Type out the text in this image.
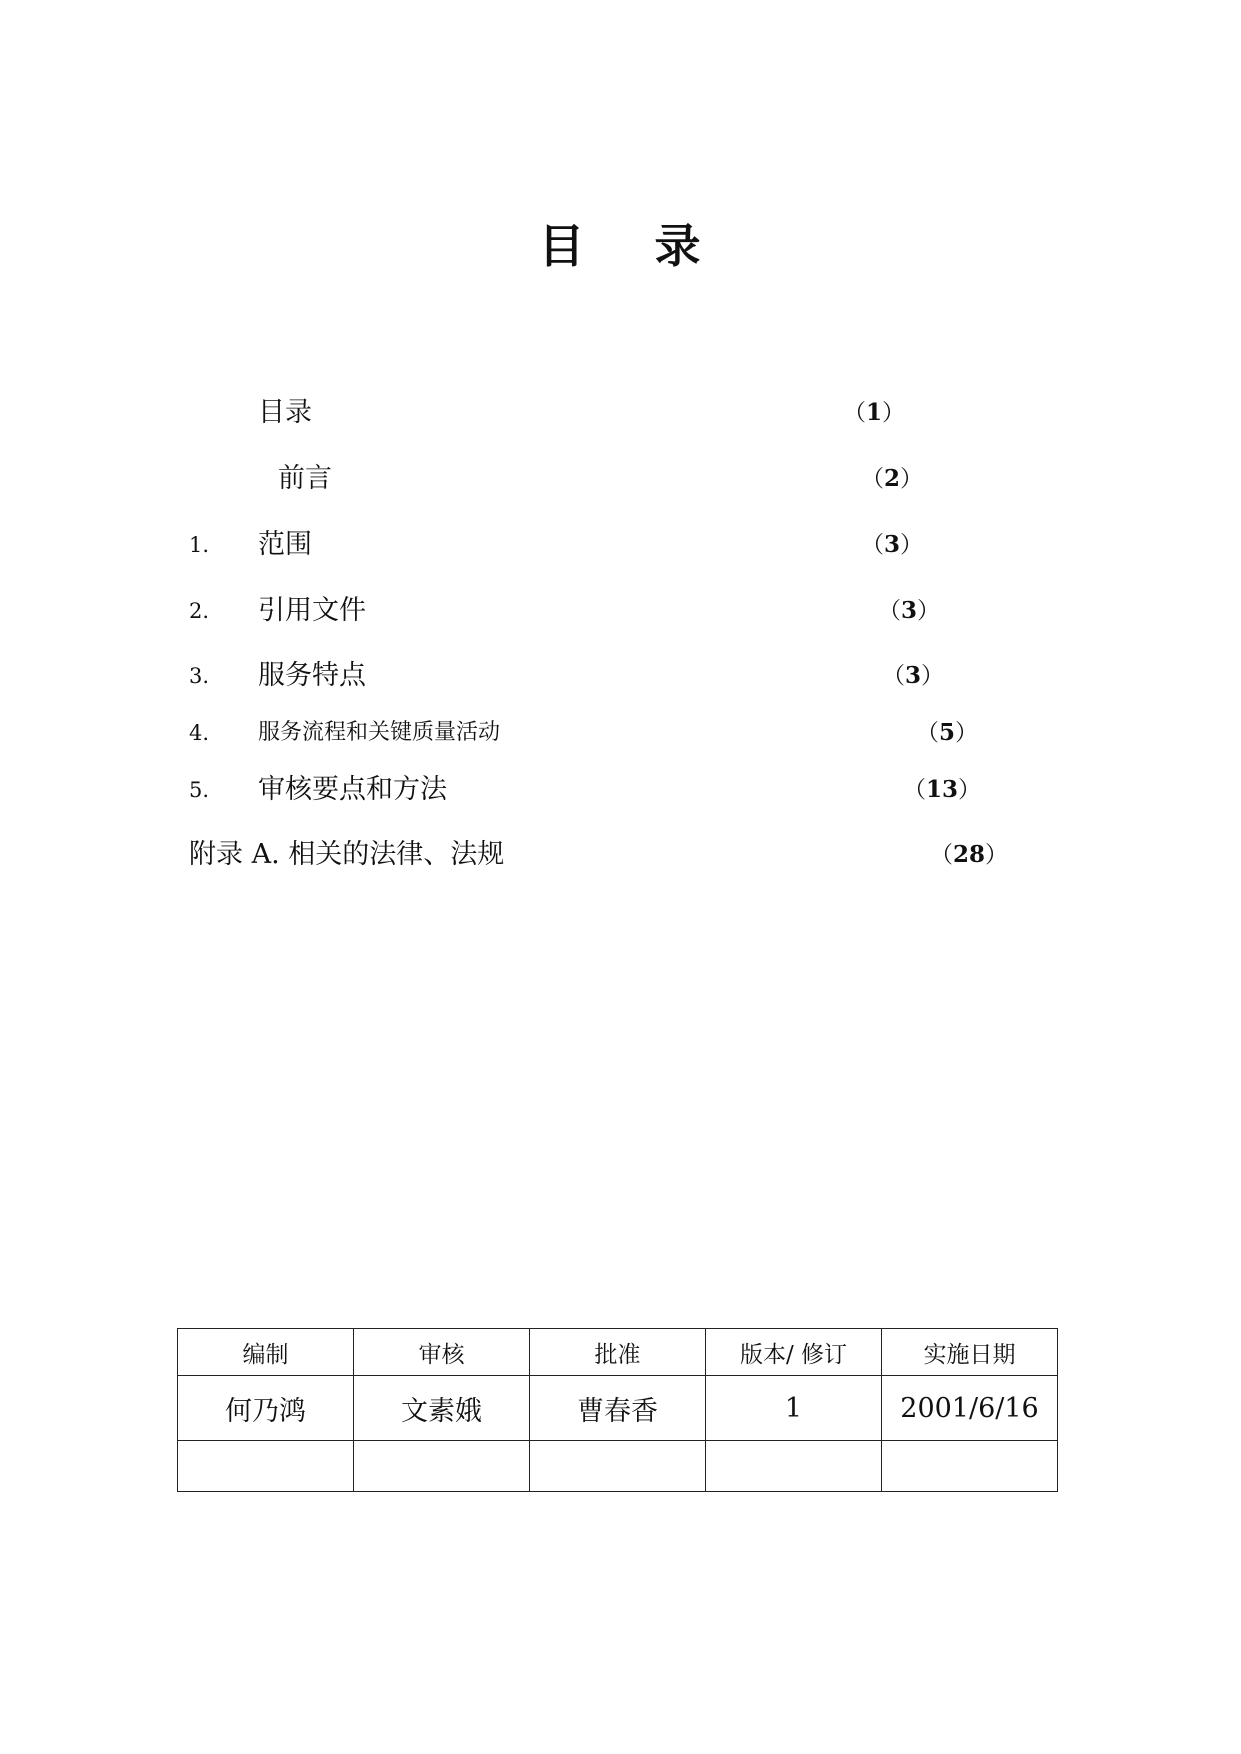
目 录
目录	（1）
前言	（2）
1. 范围	（3）
2. 引用文件	（3）
3. 服务特点	（3）
4. 服务流程和关键质量活动	（5）
5. 审核要点和方法	（13）
附录 A. 相关的法律、法规	（28）
编制	审核	批准	版本/ 修订	实施日期
何乃鸿	文素娥	曹春香	1	2001/6/16
